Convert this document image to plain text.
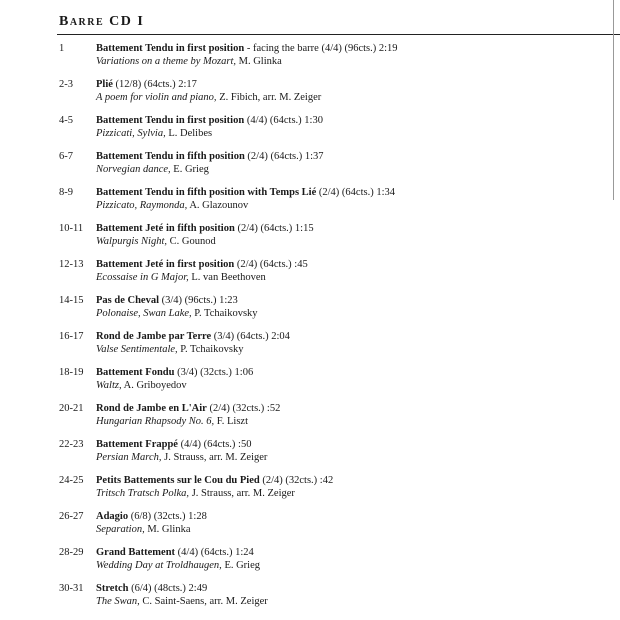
Barre CD I
1	Battement Tendu in first position - facing the barre (4/4) (96cts.) 2:19
Variations on a theme by Mozart, M. Glinka
2-3 Plié (12/8) (64cts.) 2:17
A poem for violin and piano, Z. Fibich, arr. M. Zeiger
4-5 Battement Tendu in first position (4/4) (64cts.) 1:30
Pizzicati, Sylvia, L. Delibes
6-7 Battement Tendu in fifth position (2/4) (64cts.) 1:37
Norvegian dance, E. Grieg
8-9 Battement Tendu in fifth position with Temps Lié (2/4) (64cts.) 1:34
Pizzicato, Raymonda, A. Glazounov
10-11 Battement Jeté in fifth position (2/4) (64cts.) 1:15
Walpurgis Night, C. Gounod
12-13 Battement Jeté in first position (2/4) (64cts.) :45
Ecossaise in G Major, L. van Beethoven
14-15 Pas de Cheval (3/4) (96cts.) 1:23
Polonaise, Swan Lake, P. Tchaikovsky
16-17 Rond de Jambe par Terre (3/4) (64cts.) 2:04
Valse Sentimentale, P. Tchaikovsky
18-19 Battement Fondu (3/4) (32cts.) 1:06
Waltz, A. Griboyedov
20-21 Rond de Jambe en L'Air (2/4) (32cts.) :52
Hungarian Rhapsody No. 6, F. Liszt
22-23 Battement Frappé (4/4) (64cts.) :50
Persian March, J. Strauss, arr. M. Zeiger
24-25 Petits Battements sur le Cou du Pied (2/4) (32cts.) :42
Tritsch Tratsch Polka, J. Strauss, arr. M. Zeiger
26-27 Adagio (6/8) (32cts.) 1:28
Separation, M. Glinka
28-29 Grand Battement (4/4) (64cts.) 1:24
Wedding Day at Troldhaugen, E. Grieg
30-31 Stretch (6/4) (48cts.) 2:49
The Swan, C. Saint-Saens, arr. M. Zeiger
